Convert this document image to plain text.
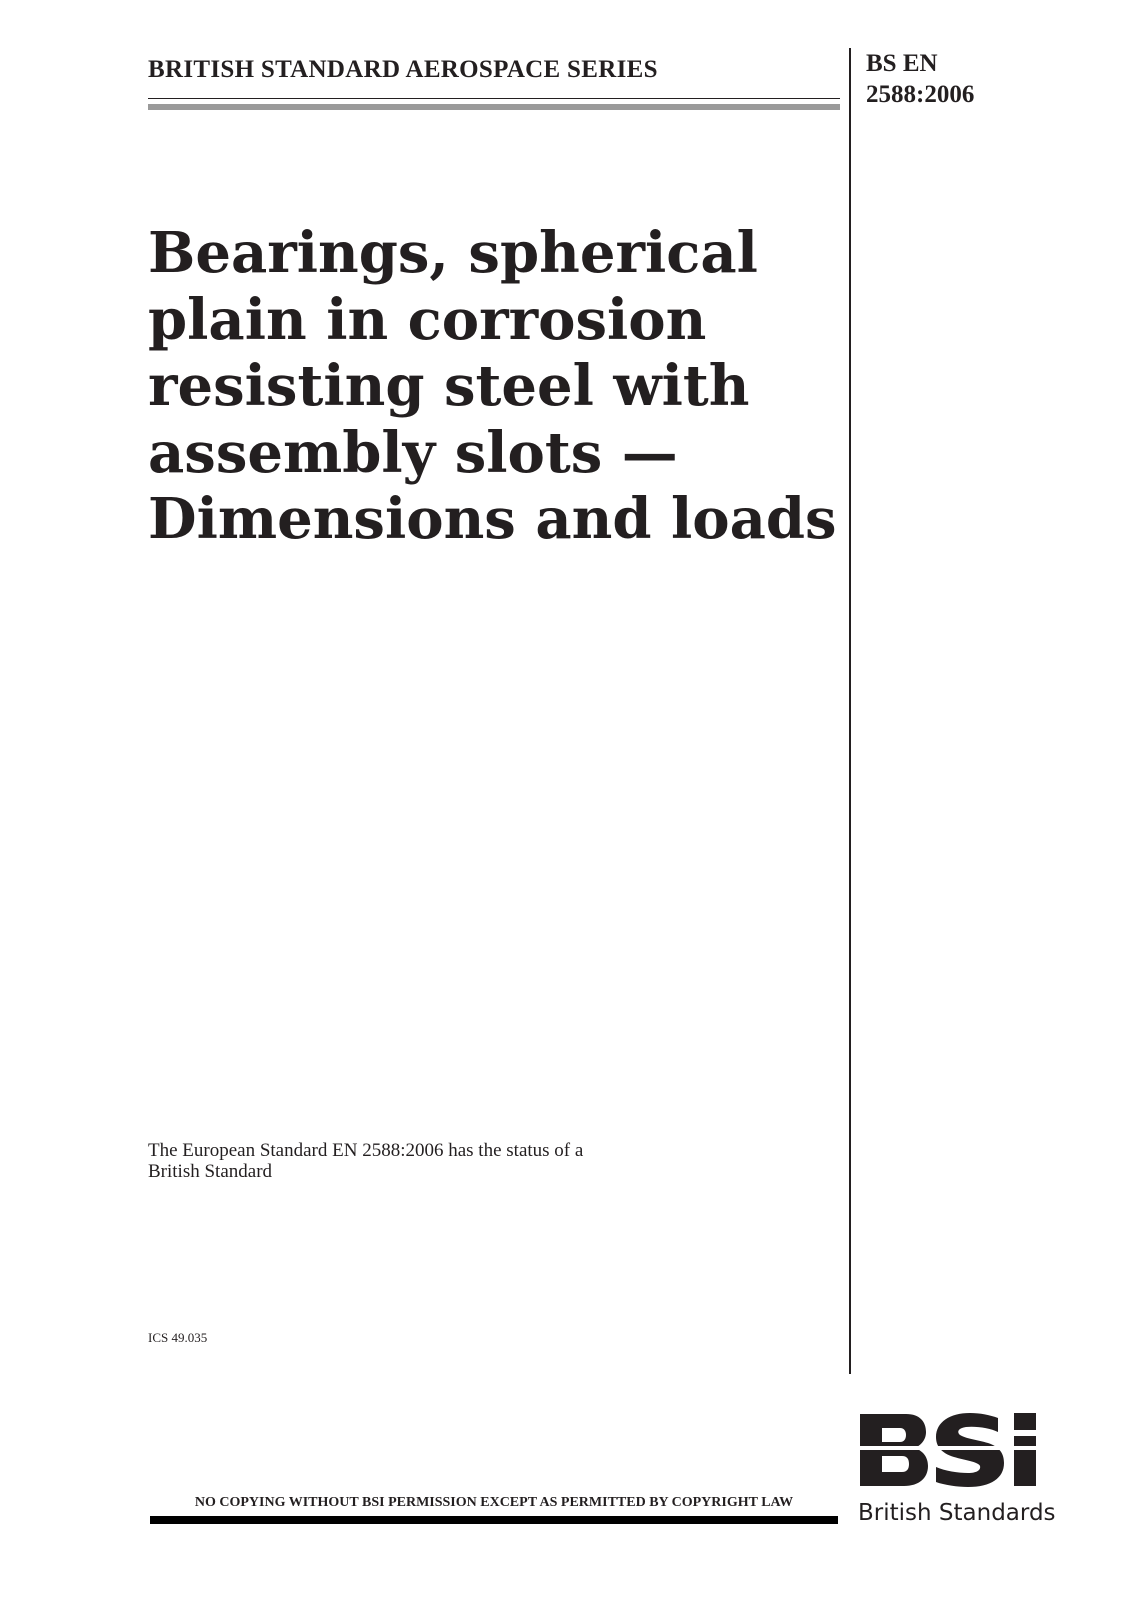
BRITISH STANDARD AEROSPACE SERIES	BS EN
2588:2006
Bearings, spherical
plain in corrosion
resisting steel with
assembly slots —
Dimensions and loads
The European Standard EN 2588:2006 has the status of a
British Standard
ICS 49.035
NO COPYING WITHOUT BSI PERMISSION EXCEPT AS PERMITTED BY COPYRIGHT LAW	British Standards
